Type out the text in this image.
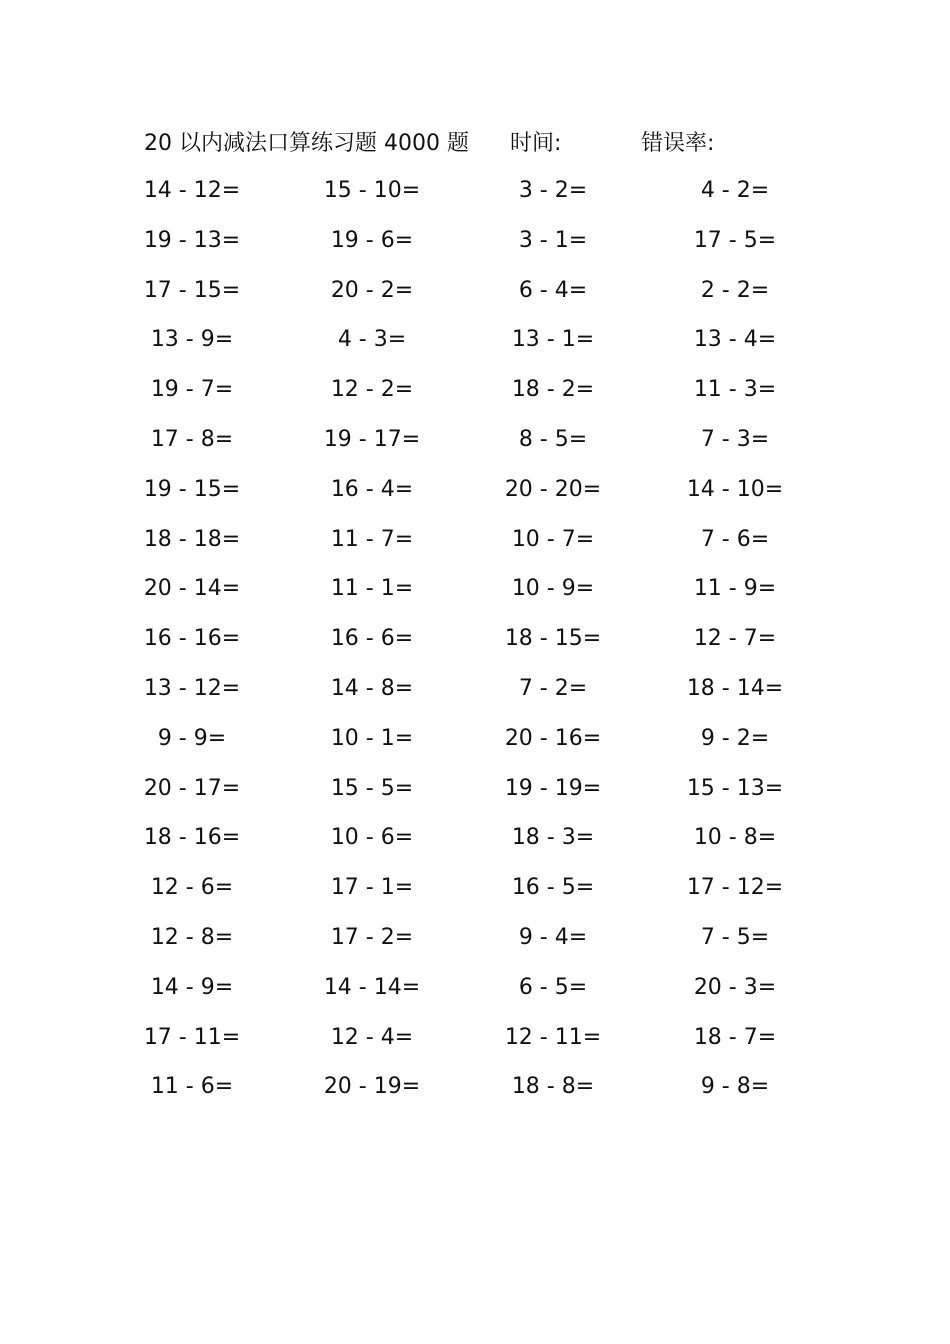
20 以内减法口算练习题 4000 题 时间:	错误率:
14 - 12=	15 - 10=	3 - 2=	4 - 2=
19 - 13=	19 - 6=	3 - 1=	17 - 5=
17 - 15=	20 - 2=	6 - 4=	2 - 2=
13 - 9=	4 - 3=	13 - 1=	13 - 4=
19 - 7=	12 - 2=	18 - 2=	11 - 3=
17 - 8=	19 - 17=	8 - 5=	7 - 3=
19 - 15=	16 - 4=	20 - 20=	14 - 10=
18 - 18=	11 - 7=	10 - 7=	7 - 6=
20 - 14=	11 - 1=	10 - 9=	11 - 9=
16 - 16=	16 - 6=	18 - 15=	12 - 7=
13 - 12=	14 - 8=	7 - 2=	18 - 14=
9 - 9=	10 - 1=	20 - 16=	9 - 2=
20 - 17=	15 - 5=	19 - 19=	15 - 13=
18 - 16=	10 - 6=	18 - 3=	10 - 8=
12 - 6=	17 - 1=	16 - 5=	17 - 12=
12 - 8=	17 - 2=	9 - 4=	7 - 5=
14 - 9=	14 - 14=	6 - 5=	20 - 3=
17 - 11=	12 - 4=	12 - 11=	18 - 7=
11 - 6=	20 - 19=	18 - 8=	9 - 8=
